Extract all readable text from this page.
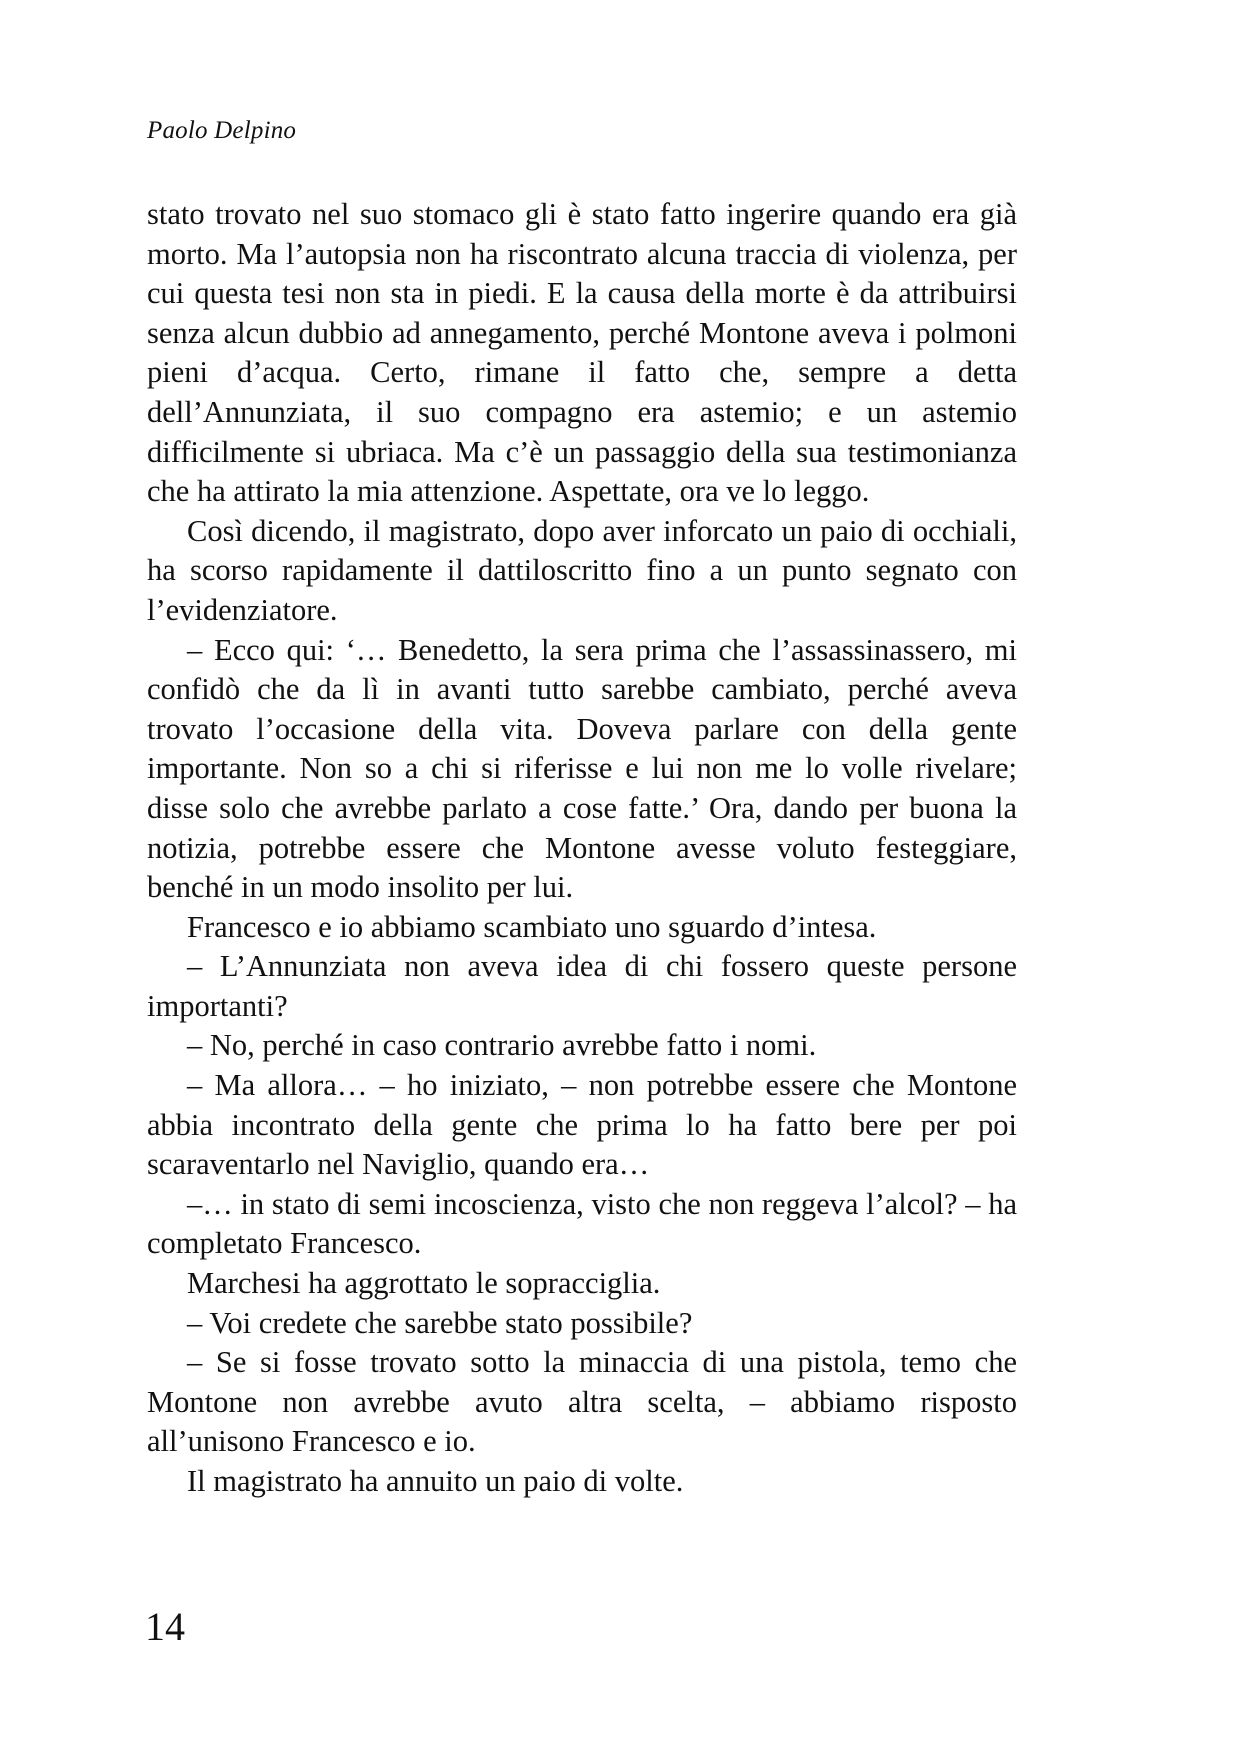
Paolo Delpino

stato trovato nel suo stomaco gli è stato fatto ingerire quando era già morto. Ma l’autopsia non ha riscontrato alcuna traccia di violenza, per cui questa tesi non sta in piedi. E la causa della morte è da attribuirsi senza alcun dubbio ad annegamento, perché Montone aveva i polmoni pieni d’acqua. Certo, rimane il fatto che, sempre a detta dell’Annunziata, il suo compagno era astemio; e un astemio difficilmente si ubriaca. Ma c’è un passaggio della sua testimonianza che ha attirato la mia attenzione. Aspettate, ora ve lo leggo.

Così dicendo, il magistrato, dopo aver inforcato un paio di occhiali, ha scorso rapidamente il dattiloscritto fino a un punto segnato con l’evidenziatore.

– Ecco qui: ‘… Benedetto, la sera prima che l’assassinassero, mi confidò che da lì in avanti tutto sarebbe cambiato, perché aveva trovato l’occasione della vita. Doveva parlare con della gente importante. Non so a chi si riferisse e lui non me lo volle rivelare; disse solo che avrebbe parlato a cose fatte.’ Ora, dando per buona la notizia, potrebbe essere che Montone avesse voluto festeggiare, benché in un modo insolito per lui.

Francesco e io abbiamo scambiato uno sguardo d’intesa.

– L’Annunziata non aveva idea di chi fossero queste persone importanti?

– No, perché in caso contrario avrebbe fatto i nomi.

– Ma allora… – ho iniziato, – non potrebbe essere che Montone abbia incontrato della gente che prima lo ha fatto bere per poi scaraventarlo nel Naviglio, quando era…

–… in stato di semi incoscienza, visto che non reggeva l’alcol? – ha completato Francesco.

Marchesi ha aggrottato le sopracciglia.

– Voi credete che sarebbe stato possibile?

– Se si fosse trovato sotto la minaccia di una pistola, temo che Montone non avrebbe avuto altra scelta, – abbiamo risposto all’unisono Francesco e io.

Il magistrato ha annuito un paio di volte.

14
